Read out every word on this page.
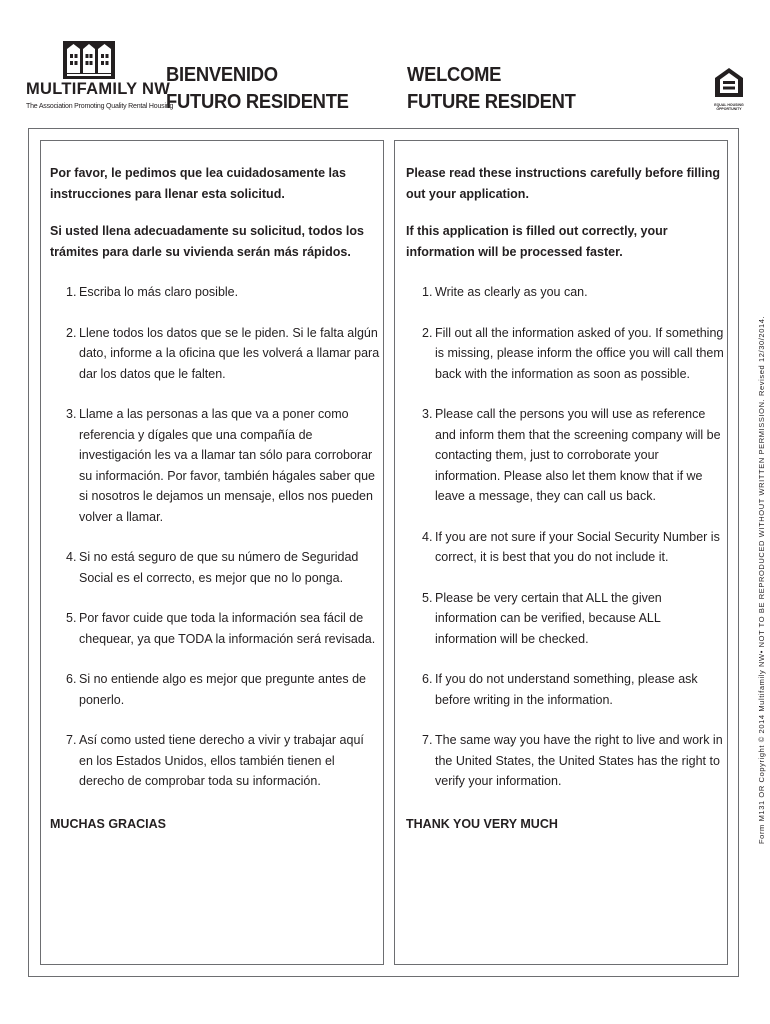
MULTIFAMILY NW
The Association Promoting Quality Rental Housing
BIENVENIDO
FUTURO RESIDENTE
WELCOME
FUTURE RESIDENT	EQUAL HOUSING
OPPORTUNITY

Por favor, le pedimos que lea cuidadosamente las instrucciones para llenar esta solicitud.

Si usted llena adecuadamente su solicitud, todos los trámites para darle su vivienda serán más rápidos.

1. Escriba lo más claro posible.
2. Llene todos los datos que se le piden. Si le falta algún dato, informe a la oficina que les volverá a llamar para dar los datos que le falten.
3. Llame a las personas a las que va a poner como referencia y dígales que una compañía de investigación les va a llamar tan sólo para corroborar su información. Por favor, también hágales saber que si nosotros le dejamos un mensaje, ellos nos pueden volver a llamar.
4. Si no está seguro de que su número de Seguridad Social es el correcto, es mejor que no lo ponga.
5. Por favor cuide que toda la información sea fácil de chequear, ya que TODA la información será revisada.
6. Si no entiende algo es mejor que pregunte antes de ponerlo.
7. Así como usted tiene derecho a vivir y trabajar aquí en los Estados Unidos, ellos también tienen el derecho de comprobar toda su información.
MUCHAS GRACIAS

Please read these instructions carefully before filling out your application.

If this application is filled out correctly, your information will be processed faster.

1. Write as clearly as you can.
2. Fill out all the information asked of you. If something is missing, please inform the office you will call them back with the information as soon as possible.
3. Please call the persons you will use as reference and inform them that the screening company will be contacting them, just to corroborate your information. Please also let them know that if we leave a message, they can call us back.
4. If you are not sure if your Social Security Number is correct, it is best that you do not include it.
5. Please be very certain that ALL the given information can be verified, because ALL information will be checked.
6. If you do not understand something, please ask before writing in the information.
7. The same way you have the right to live and work in the United States, the United States has the right to verify your information.
THANK YOU VERY MUCH	Form M131 OR Copyright © 2014 Multifamily NW• NOT TO BE REPRODUCED WITHOUT WRITTEN PERMISSION. Revised 12/30/2014.
